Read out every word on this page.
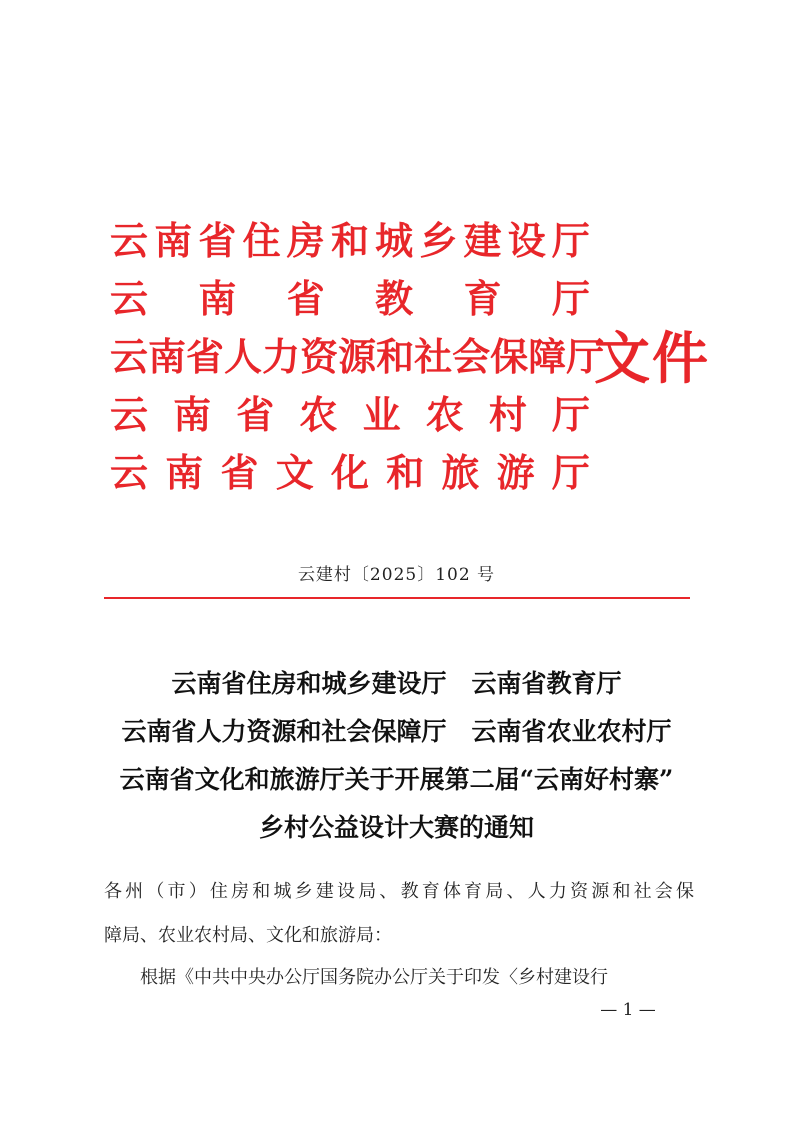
云 南 省 住 房 和 城 乡 建 设 厅
云 南 省 教 育 厅
云 南 省 人 力 资 源 和 社 会 保 障 厅
云 南 省 农 业 农 村 厅
云 南 省 文 化 和 旅 游 厅
文件
云建村〔2025〕102 号
云南省住房和城乡建设厅　云南省教育厅
云南省人力资源和社会保障厅　云南省农业农村厅
云南省文化和旅游厅关于开展第二届“云南好村寨”
乡村公益设计大赛的通知
各州（市）住房和城乡建设局、教育体育局、人力资源和社会保
障局、农业农村局、文化和旅游局：
根据《中共中央办公厅国务院办公厅关于印发〈乡村建设行
— 1 —
